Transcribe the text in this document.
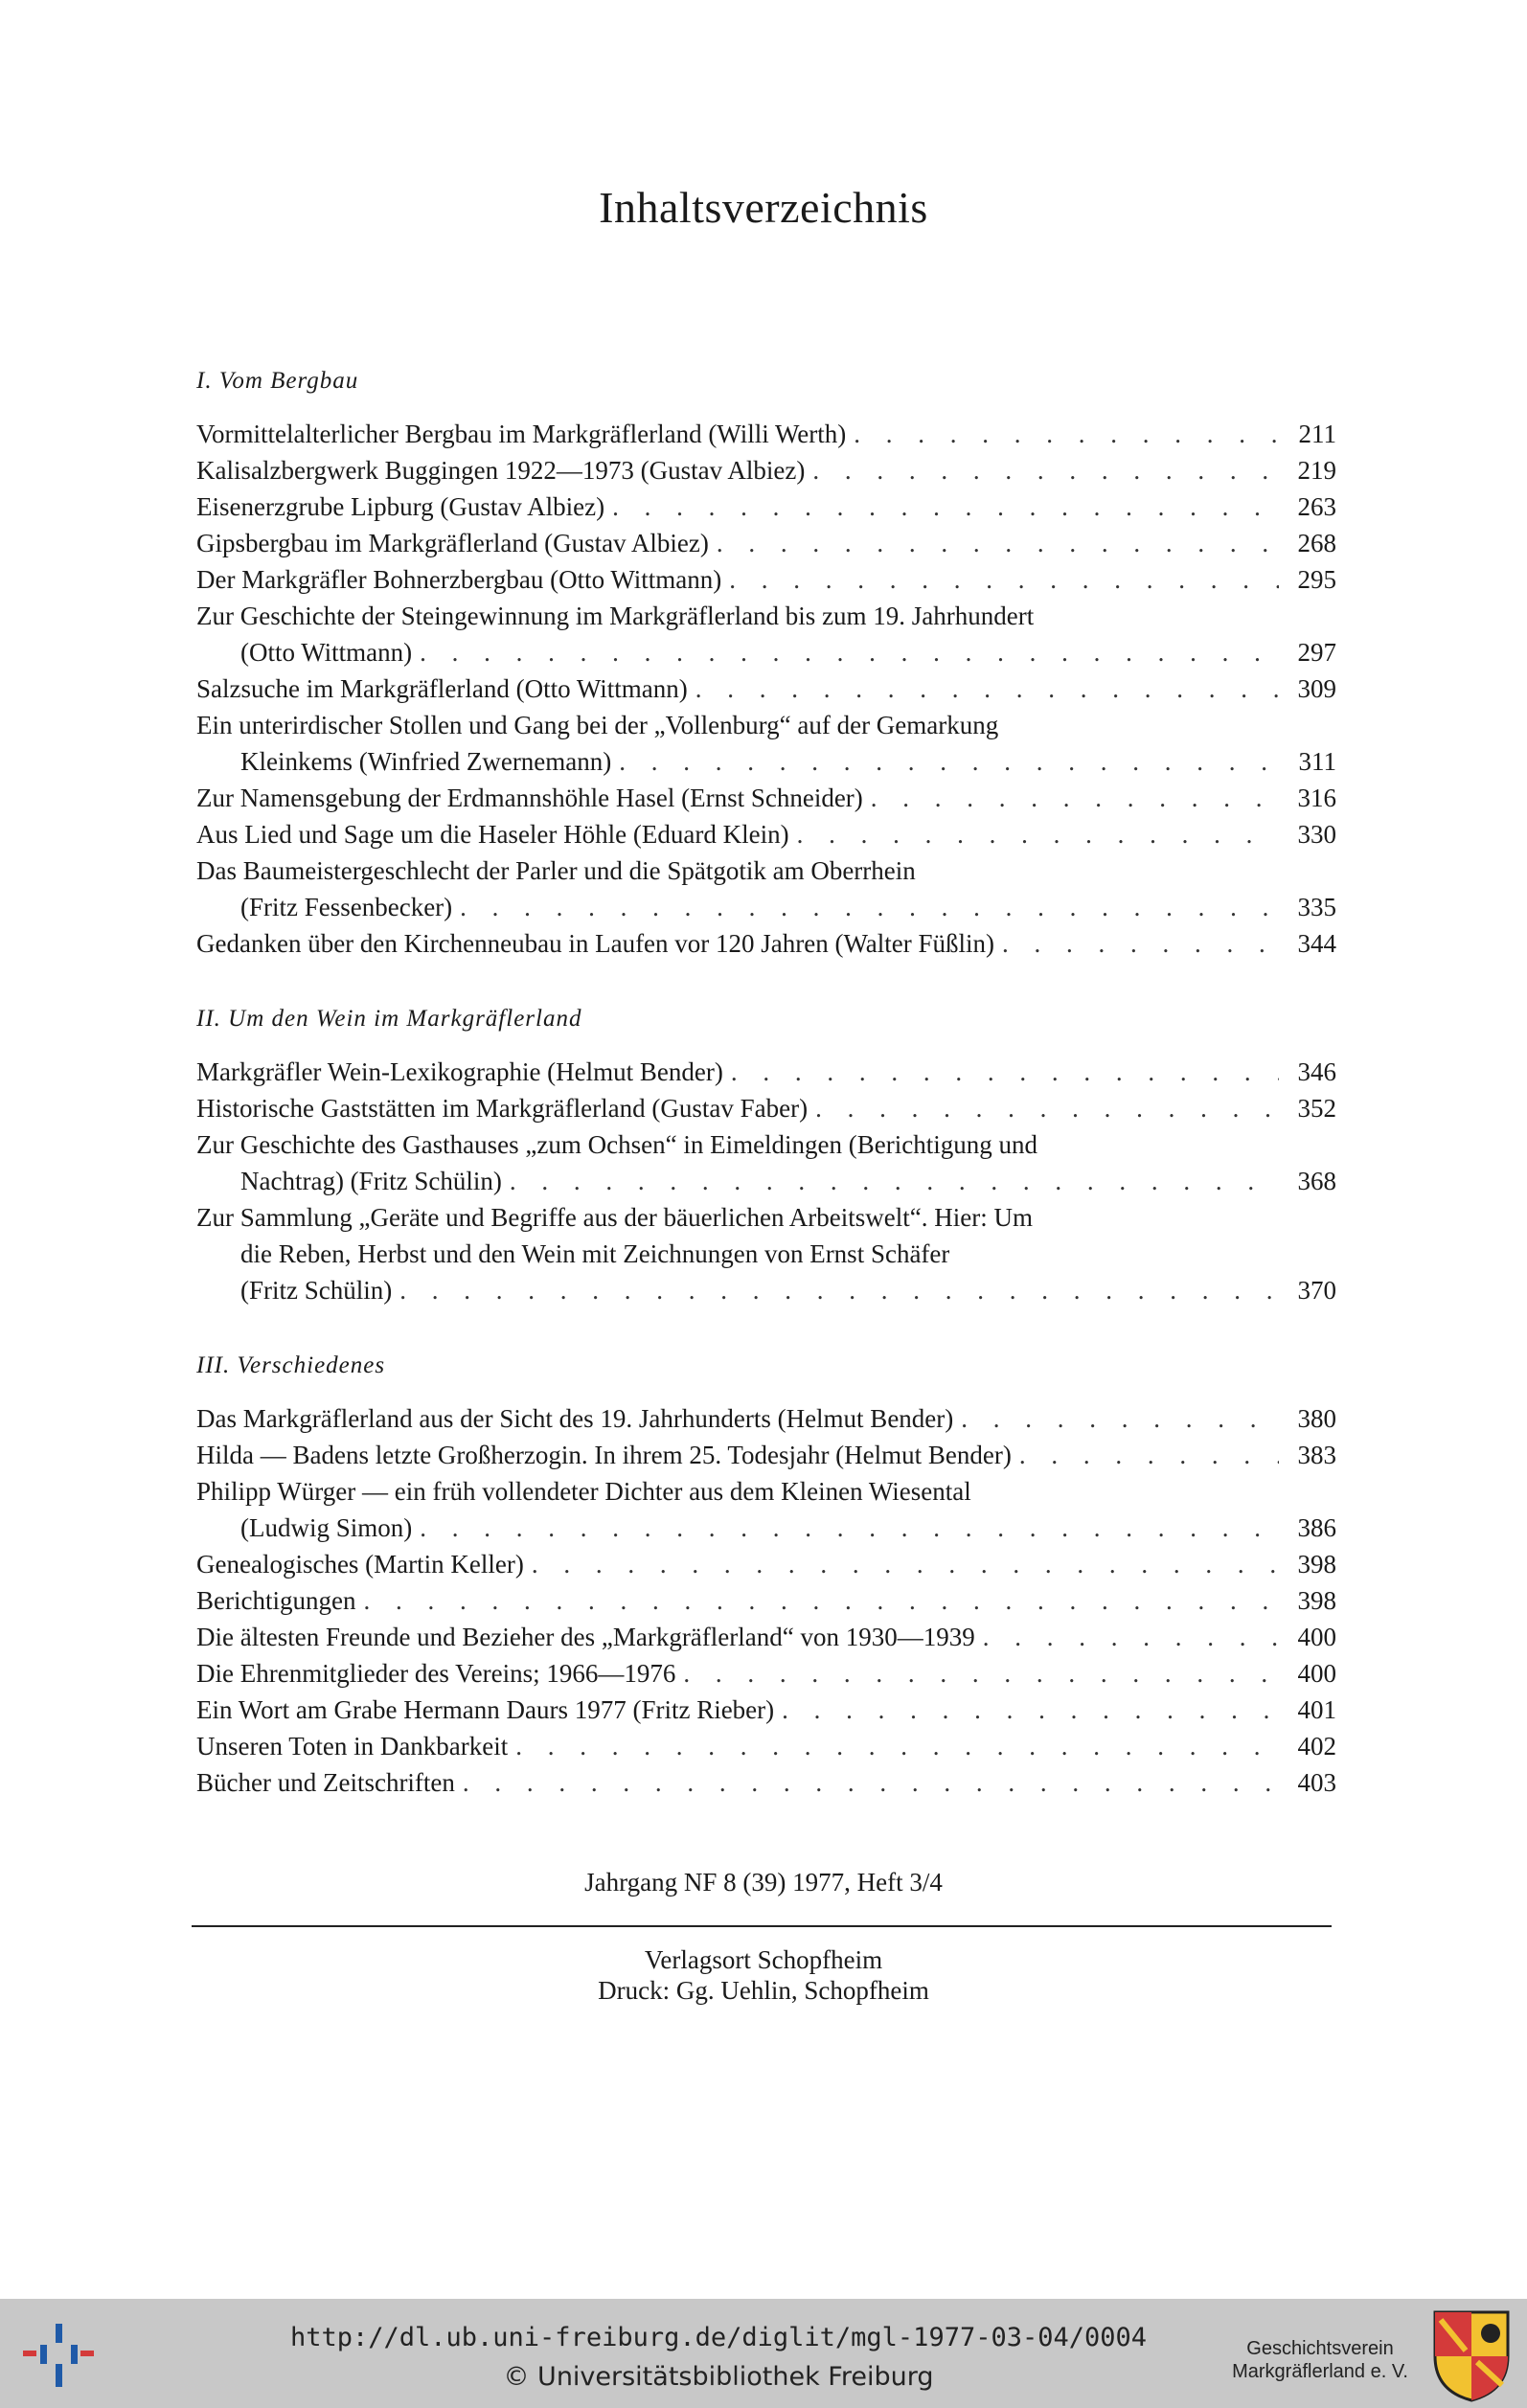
Inhaltsverzeichnis
I. Vom Bergbau
Vormittelalterlicher Bergbau im Markgräflerland (Willi Werth) . . .	211
Kalisalzbergwerk Buggingen 1922—1973 (Gustav Albiez) . . .	219
Eisenerzgrube Lipburg (Gustav Albiez) . . .	263
Gipsbergbau im Markgräflerland (Gustav Albiez) . . .	268
Der Markgräfler Bohnerzbergbau (Otto Wittmann) . . .	295
Zur Geschichte der Steingewinnung im Markgräflerland bis zum 19. Jahrhundert
(Otto Wittmann) . . .	297
Salzsuche im Markgräflerland (Otto Wittmann) . . .	309
Ein unterirdischer Stollen und Gang bei der „Vollenburg“ auf der Gemarkung
Kleinkems (Winfried Zwernemann) . . .	311
Zur Namensgebung der Erdmannshöhle Hasel (Ernst Schneider) . . .	316
Aus Lied und Sage um die Haseler Höhle (Eduard Klein) . . .	330
Das Baumeistergeschlecht der Parler und die Spätgotik am Oberrhein
(Fritz Fessenbecker) . . .	335
Gedanken über den Kirchenneubau in Laufen vor 120 Jahren (Walter Füßlin) . . .	344
II. Um den Wein im Markgräflerland
Markgräfler Wein-Lexikographie (Helmut Bender) . . .	346
Historische Gaststätten im Markgräflerland (Gustav Faber) . . .	352
Zur Geschichte des Gasthauses „zum Ochsen“ in Eimeldingen (Berichtigung und
Nachtrag) (Fritz Schülin) . . .	368
Zur Sammlung „Geräte und Begriffe aus der bäuerlichen Arbeitswelt“. Hier: Um
die Reben, Herbst und den Wein mit Zeichnungen von Ernst Schäfer
(Fritz Schülin) . . .	370
III. Verschiedenes
Das Markgräflerland aus der Sicht des 19. Jahrhunderts (Helmut Bender) . . .	380
Hilda — Badens letzte Großherzogin. In ihrem 25. Todesjahr (Helmut Bender) . . .	383
Philipp Würger — ein früh vollendeter Dichter aus dem Kleinen Wiesental
(Ludwig Simon) . . .	386
Genealogisches (Martin Keller) . . .	398
Berichtigungen . . .	398
Die ältesten Freunde und Bezieher des „Markgräflerland“ von 1930—1939 . . .	400
Die Ehrenmitglieder des Vereins; 1966—1976 . . .	400
Ein Wort am Grabe Hermann Daurs 1977 (Fritz Rieber) . . .	401
Unseren Toten in Dankbarkeit . . .	402
Bücher und Zeitschriften . . .	403
Jahrgang NF 8 (39) 1977, Heft 3/4
Verlagsort Schopfheim
Druck: Gg. Uehlin, Schopfheim
http://dl.ub.uni-freiburg.de/diglit/mgl-1977-03-04/0004
© Universitätsbibliothek Freiburg
Geschichtsverein
Markgräflerland e. V.
